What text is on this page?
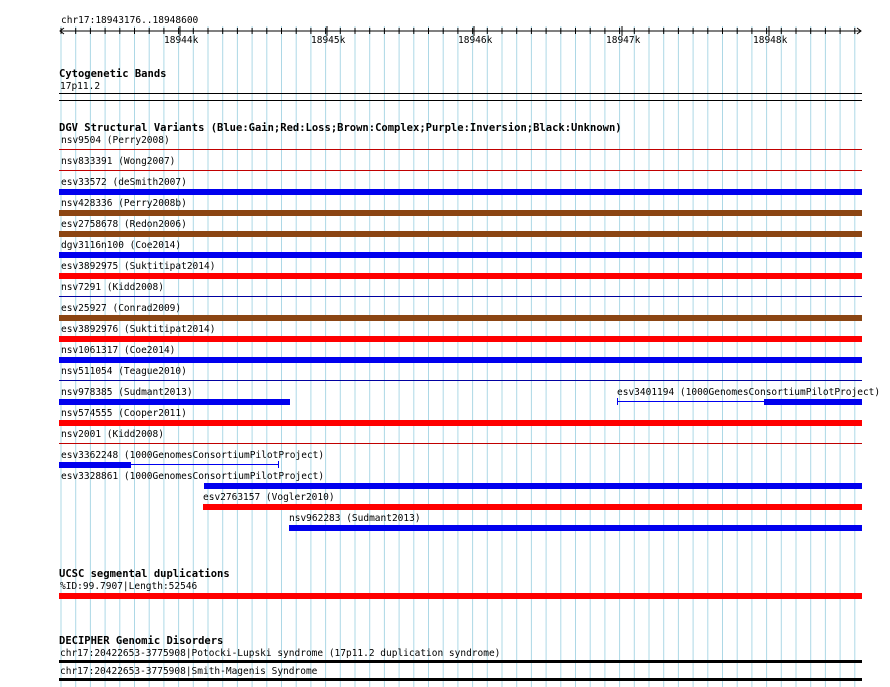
chr17:18943176..18948600
18944k	18945k	18946k	18947k	18948k
Cytogenetic Bands
17p11.2
DGV Structural Variants (Blue:Gain;Red:Loss;Brown:Complex;Purple:Inversion;Black:Unknown)
nsv9504 (Perry2008)
nsv833391 (Wong2007)
esv33572 (deSmith2007)
nsv428336 (Perry2008b)
esv2758678 (Redon2006)
dgv3116n100 (Coe2014)
esv3892975 (Suktitipat2014)
nsv7291 (Kidd2008)
esv25927 (Conrad2009)
esv3892976 (Suktitipat2014)
nsv1061317 (Coe2014)
nsv511054 (Teague2010)
nsv978385 (Sudmant2013)	esv3401194 (1000GenomesConsortiumPilotProject)
nsv574555 (Cooper2011)
nsv2001 (Kidd2008)
esv3362248 (1000GenomesConsortiumPilotProject)
esv3328861 (1000GenomesConsortiumPilotProject)
esv2763157 (Vogler2010)
nsv962283 (Sudmant2013)
UCSC segmental duplications
%ID:99.7907|Length:52546
DECIPHER Genomic Disorders
chr17:20422653-3775908|Potocki-Lupski syndrome (17p11.2 duplication syndrome)
chr17:20422653-3775908|Smith-Magenis Syndrome
